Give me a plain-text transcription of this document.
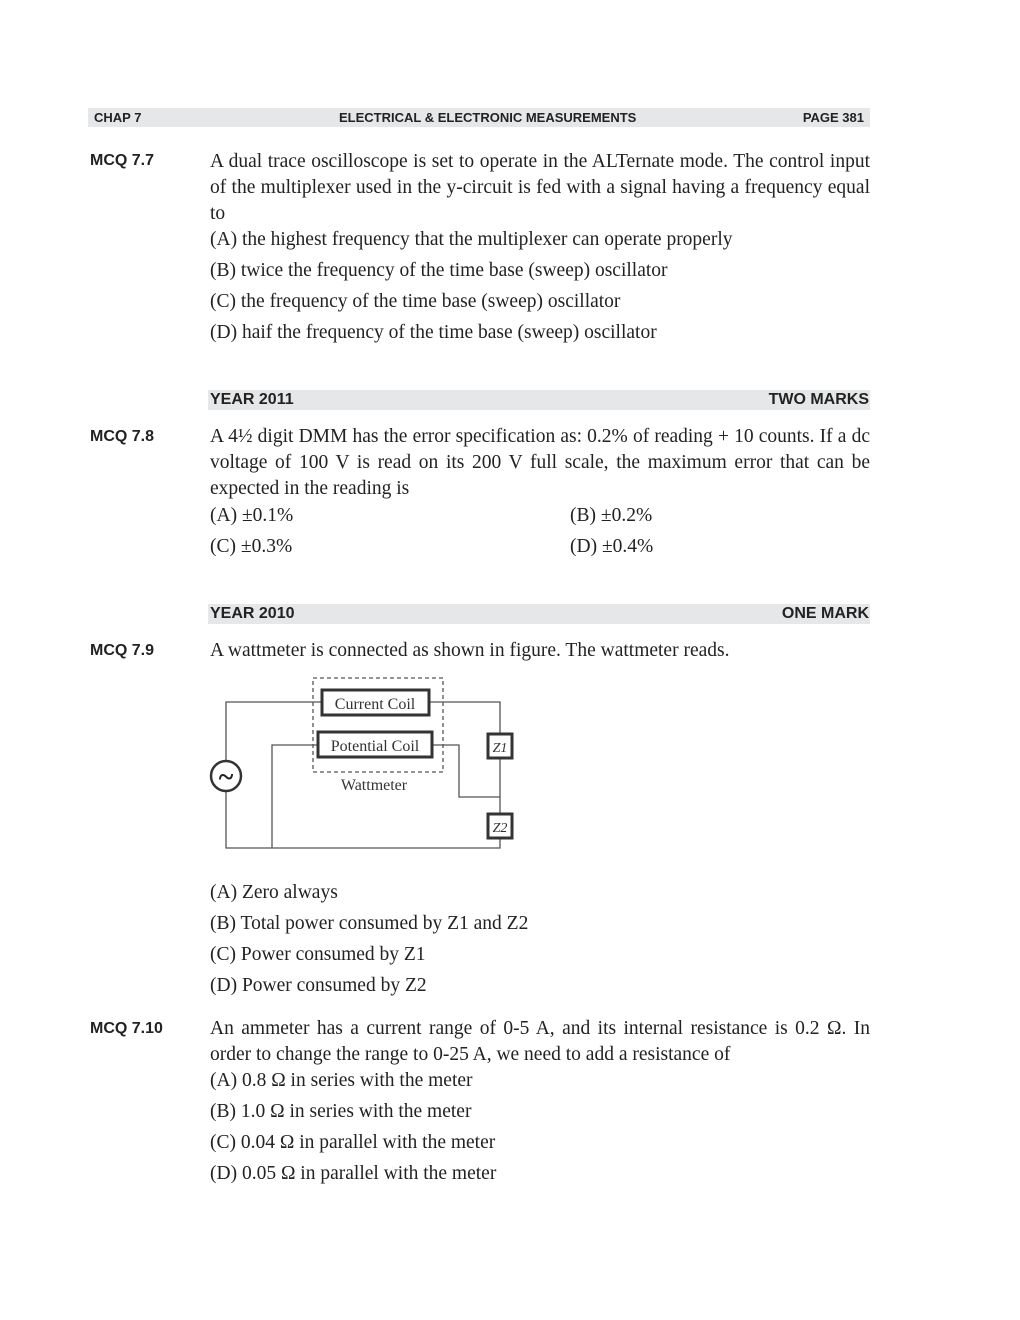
CHAP 7	ELECTRICAL & ELECTRONIC MEASUREMENTS	PAGE 381
MCQ 7.7	A dual trace oscilloscope is set to operate in the ALTernate mode. The control input of the multiplexer used in the y-circuit is fed with a signal having a frequency equal to
(A) the highest frequency that the multiplexer can operate properly
(B) twice the frequency of the time base (sweep) oscillator
(C) the frequency of the time base (sweep) oscillator
(D) haif the frequency of the time base (sweep) oscillator
YEAR 2011	TWO MARKS
MCQ 7.8	A 4½ digit DMM has the error specification as: 0.2% of reading + 10 counts. If a dc voltage of 100 V is read on its 200 V full scale, the maximum error that can be expected in the reading is
(A) ±0.1%	(B) ±0.2%
(C) ±0.3%	(D) ±0.4%
YEAR 2010	ONE MARK
MCQ 7.9	A wattmeter is connected as shown in figure. The wattmeter reads.
~
Current Coil
Potential Coil
Wattmeter
Z1
Z2
(A) Zero always
(B) Total power consumed by Z1 and Z2
(C) Power consumed by Z1
(D) Power consumed by Z2
MCQ 7.10 An ammeter has a current range of 0-5 A, and its internal resistance is 0.2 Ω. In order to change the range to 0-25 A, we need to add a resistance of
(A) 0.8 Ω in series with the meter
(B) 1.0 Ω in series with the meter
(C) 0.04 Ω in parallel with the meter
(D) 0.05 Ω in parallel with the meter
